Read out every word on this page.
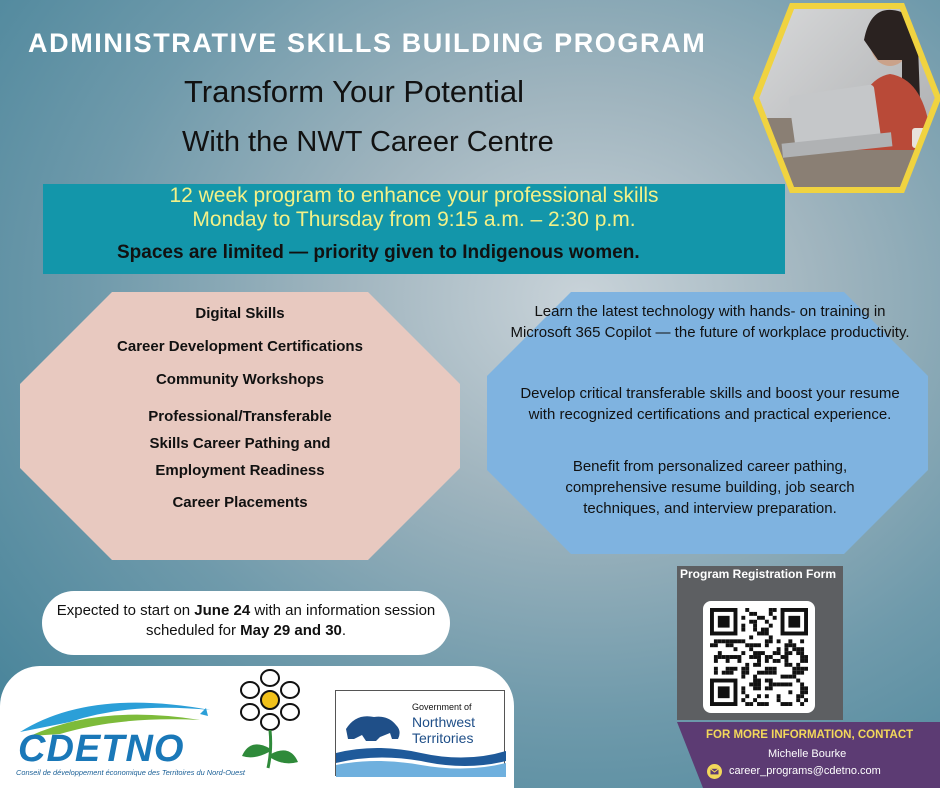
ADMINISTRATIVE SKILLS BUILDING PROGRAM
Transform Your Potential
With the NWT Career Centre
12 week program to enhance your professional skills
Monday to Thursday from 9:15 a.m. – 2:30 p.m.
Spaces are limited — priority given to Indigenous women.
Digital Skills
Career Development Certifications
Community Workshops
Professional/Transferable
Skills Career Pathing and
Employment Readiness
Career Placements
Learn the latest technology with hands- on training in Microsoft 365 Copilot — the future of workplace productivity.
Develop critical transferable skills and boost your resume with recognized certifications and practical experience.
Benefit from personalized career pathing, comprehensive resume building, job search techniques, and interview preparation.
Expected to start on June 24 with an information session scheduled for May 29 and 30.
CDETNO
Conseil de développement économique des Territoires du Nord-Ouest
Government of
Northwest
Territories
Program Registration Form
FOR MORE INFORMATION, CONTACT
Michelle Bourke
career_programs@cdetno.com
